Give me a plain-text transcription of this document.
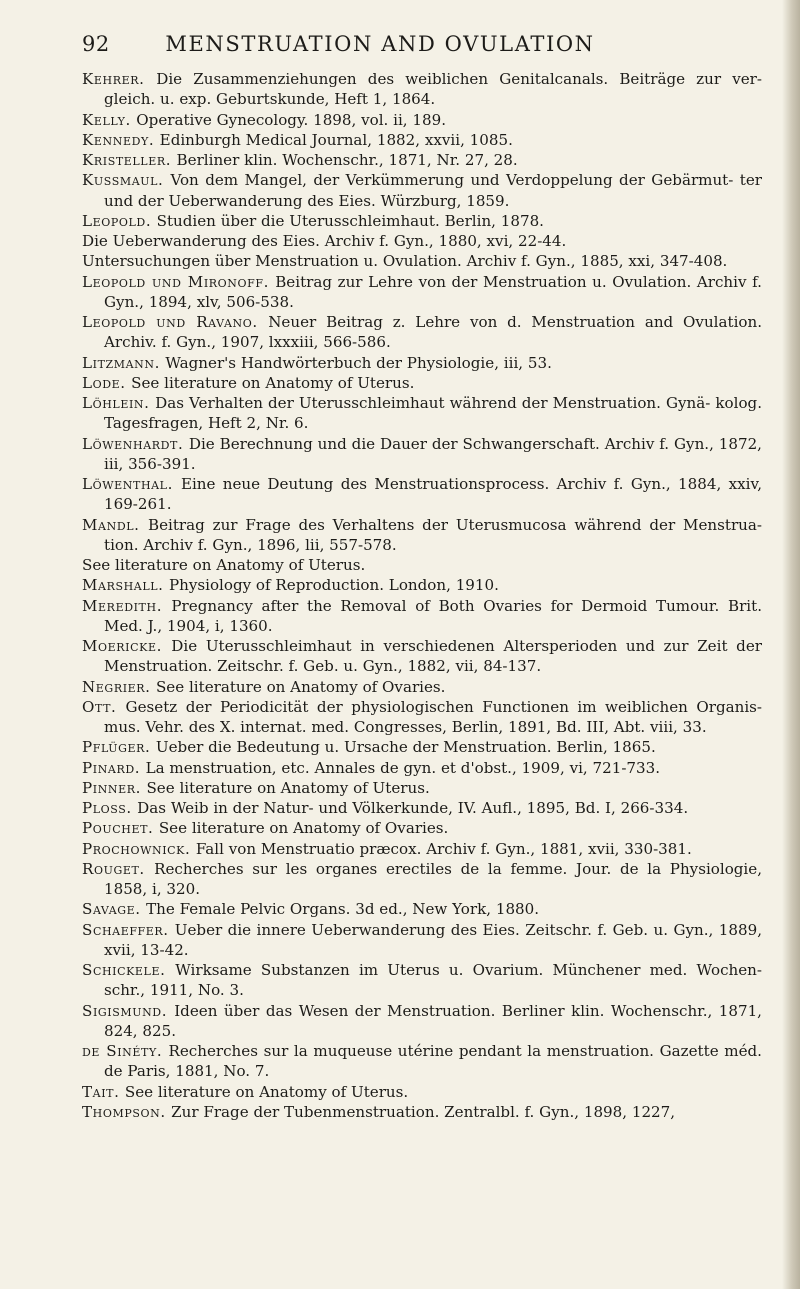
92	MENSTRUATION AND OVULATION
Kehrer. Die Zusammenziehungen des weiblichen Genitalcanals. Beiträge zur ver- gleich. u. exp. Geburtskunde, Heft 1, 1864.
Kelly. Operative Gynecology. 1898, vol. ii, 189.
Kennedy. Edinburgh Medical Journal, 1882, xxvii, 1085.
Kristeller. Berliner klin. Wochenschr., 1871, Nr. 27, 28.
Kussmaul. Von dem Mangel, der Verkümmerung und Verdoppelung der Gebärmut- ter und der Ueberwanderung des Eies. Würzburg, 1859.
Leopold. Studien über die Uterusschleimhaut. Berlin, 1878.
Die Ueberwanderung des Eies. Archiv f. Gyn., 1880, xvi, 22-44.
Untersuchungen über Menstruation u. Ovulation. Archiv f. Gyn., 1885, xxi, 347-408.
Leopold und Mironoff. Beitrag zur Lehre von der Menstruation u. Ovulation. Archiv f. Gyn., 1894, xlv, 506-538.
Leopold und Ravano. Neuer Beitrag z. Lehre von d. Menstruation and Ovulation. Archiv. f. Gyn., 1907, lxxxiii, 566-586.
Litzmann. Wagner's Handwörterbuch der Physiologie, iii, 53.
Lode. See literature on Anatomy of Uterus.
Löhlein. Das Verhalten der Uterusschleimhaut während der Menstruation. Gynä- kolog. Tagesfragen, Heft 2, Nr. 6.
Löwenhardt. Die Berechnung und die Dauer der Schwangerschaft. Archiv f. Gyn., 1872, iii, 356-391.
Löwenthal. Eine neue Deutung des Menstruationsprocess. Archiv f. Gyn., 1884, xxiv, 169-261.
Mandl. Beitrag zur Frage des Verhaltens der Uterusmucosa während der Menstrua- tion. Archiv f. Gyn., 1896, lii, 557-578.
See literature on Anatomy of Uterus.
Marshall. Physiology of Reproduction. London, 1910.
Meredith. Pregnancy after the Removal of Both Ovaries for Dermoid Tumour. Brit. Med. J., 1904, i, 1360.
Moericke. Die Uterusschleimhaut in verschiedenen Altersperioden und zur Zeit der Menstruation. Zeitschr. f. Geb. u. Gyn., 1882, vii, 84-137.
Negrier. See literature on Anatomy of Ovaries.
Ott. Gesetz der Periodicität der physiologischen Functionen im weiblichen Organis- mus. Vehr. des X. internat. med. Congresses, Berlin, 1891, Bd. III, Abt. viii, 33.
Pflüger. Ueber die Bedeutung u. Ursache der Menstruation. Berlin, 1865.
Pinard. La menstruation, etc. Annales de gyn. et d'obst., 1909, vi, 721-733.
Pinner. See literature on Anatomy of Uterus.
Ploss. Das Weib in der Natur- und Völkerkunde, IV. Aufl., 1895, Bd. I, 266-334.
Pouchet. See literature on Anatomy of Ovaries.
Prochownick. Fall von Menstruatio præcox. Archiv f. Gyn., 1881, xvii, 330-381.
Rouget. Recherches sur les organes erectiles de la femme. Jour. de la Physiologie, 1858, i, 320.
Savage. The Female Pelvic Organs. 3d ed., New York, 1880.
Schaeffer. Ueber die innere Ueberwanderung des Eies. Zeitschr. f. Geb. u. Gyn., 1889, xvii, 13-42.
Schickele. Wirksame Substanzen im Uterus u. Ovarium. Münchener med. Wochen- schr., 1911, No. 3.
Sigismund. Ideen über das Wesen der Menstruation. Berliner klin. Wochenschr., 1871, 824, 825.
de Sinéty. Recherches sur la muqueuse utérine pendant la menstruation. Gazette méd. de Paris, 1881, No. 7.
Tait. See literature on Anatomy of Uterus.
Thompson. Zur Frage der Tubenmenstruation. Zentralbl. f. Gyn., 1898, 1227,
